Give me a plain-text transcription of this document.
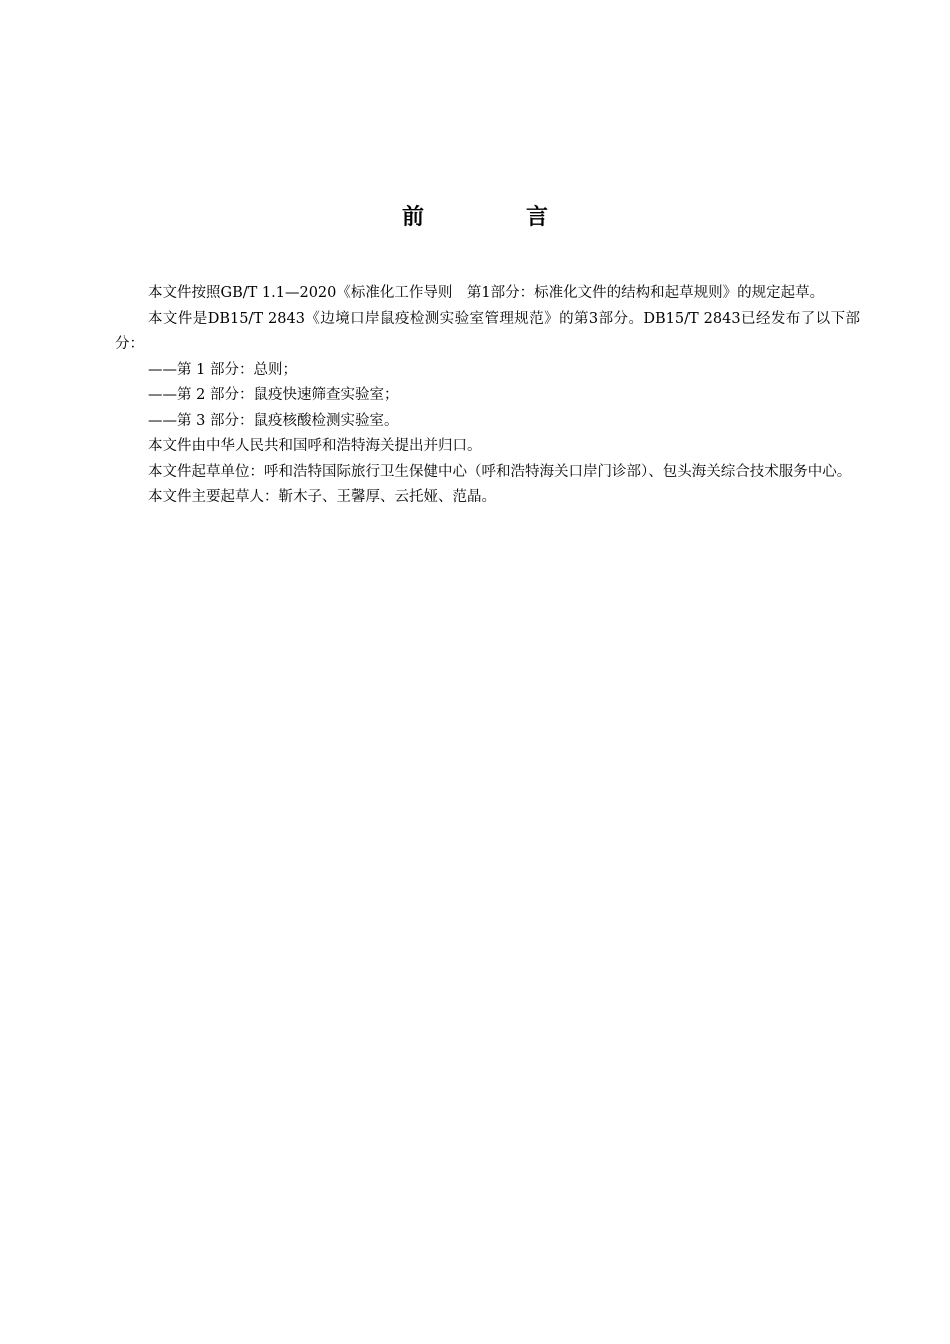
前　言

本文件按照GB/T 1.1—2020《标准化工作导则　第1部分：标准化文件的结构和起草规则》的规定起草。

本文件是DB15/T 2843《边境口岸鼠疫检测实验室管理规范》的第3部分。DB15/T 2843已经发布了以下部分：

——第 1 部分：总则；

——第 2 部分：鼠疫快速筛查实验室；

——第 3 部分：鼠疫核酸检测实验室。

本文件由中华人民共和国呼和浩特海关提出并归口。

本文件起草单位：呼和浩特国际旅行卫生保健中心（呼和浩特海关口岸门诊部）、包头海关综合技术服务中心。

本文件主要起草人：靳木子、王馨厚、云托娅、范晶。
